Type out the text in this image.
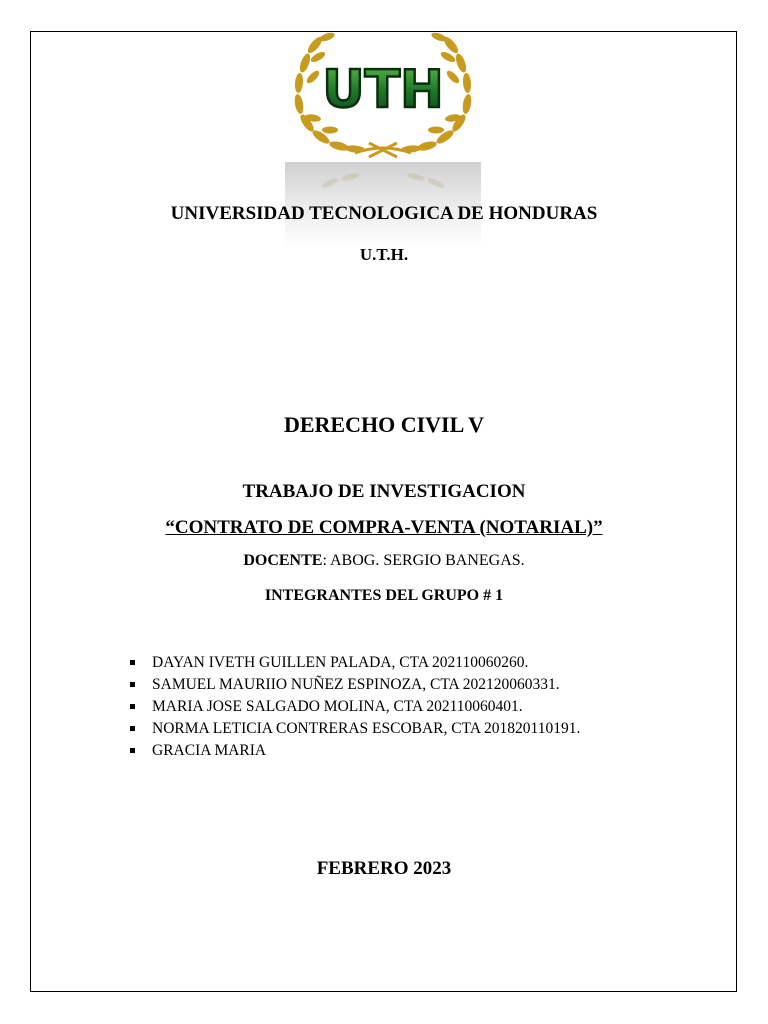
UTH
UNIVERSIDAD TECNOLOGICA DE HONDURAS
U.T.H.
DERECHO CIVIL V
TRABAJO DE INVESTIGACION
“CONTRATO DE COMPRA-VENTA (NOTARIAL)”
DOCENTE: ABOG. SERGIO BANEGAS.
INTEGRANTES DEL GRUPO # 1
DAYAN IVETH GUILLEN PALADA, CTA 202110060260.
SAMUEL MAURIIO NUÑEZ ESPINOZA, CTA 202120060331.
MARIA JOSE SALGADO MOLINA, CTA 202110060401.
NORMA LETICIA CONTRERAS ESCOBAR, CTA 201820110191.
GRACIA MARIA
FEBRERO 2023
